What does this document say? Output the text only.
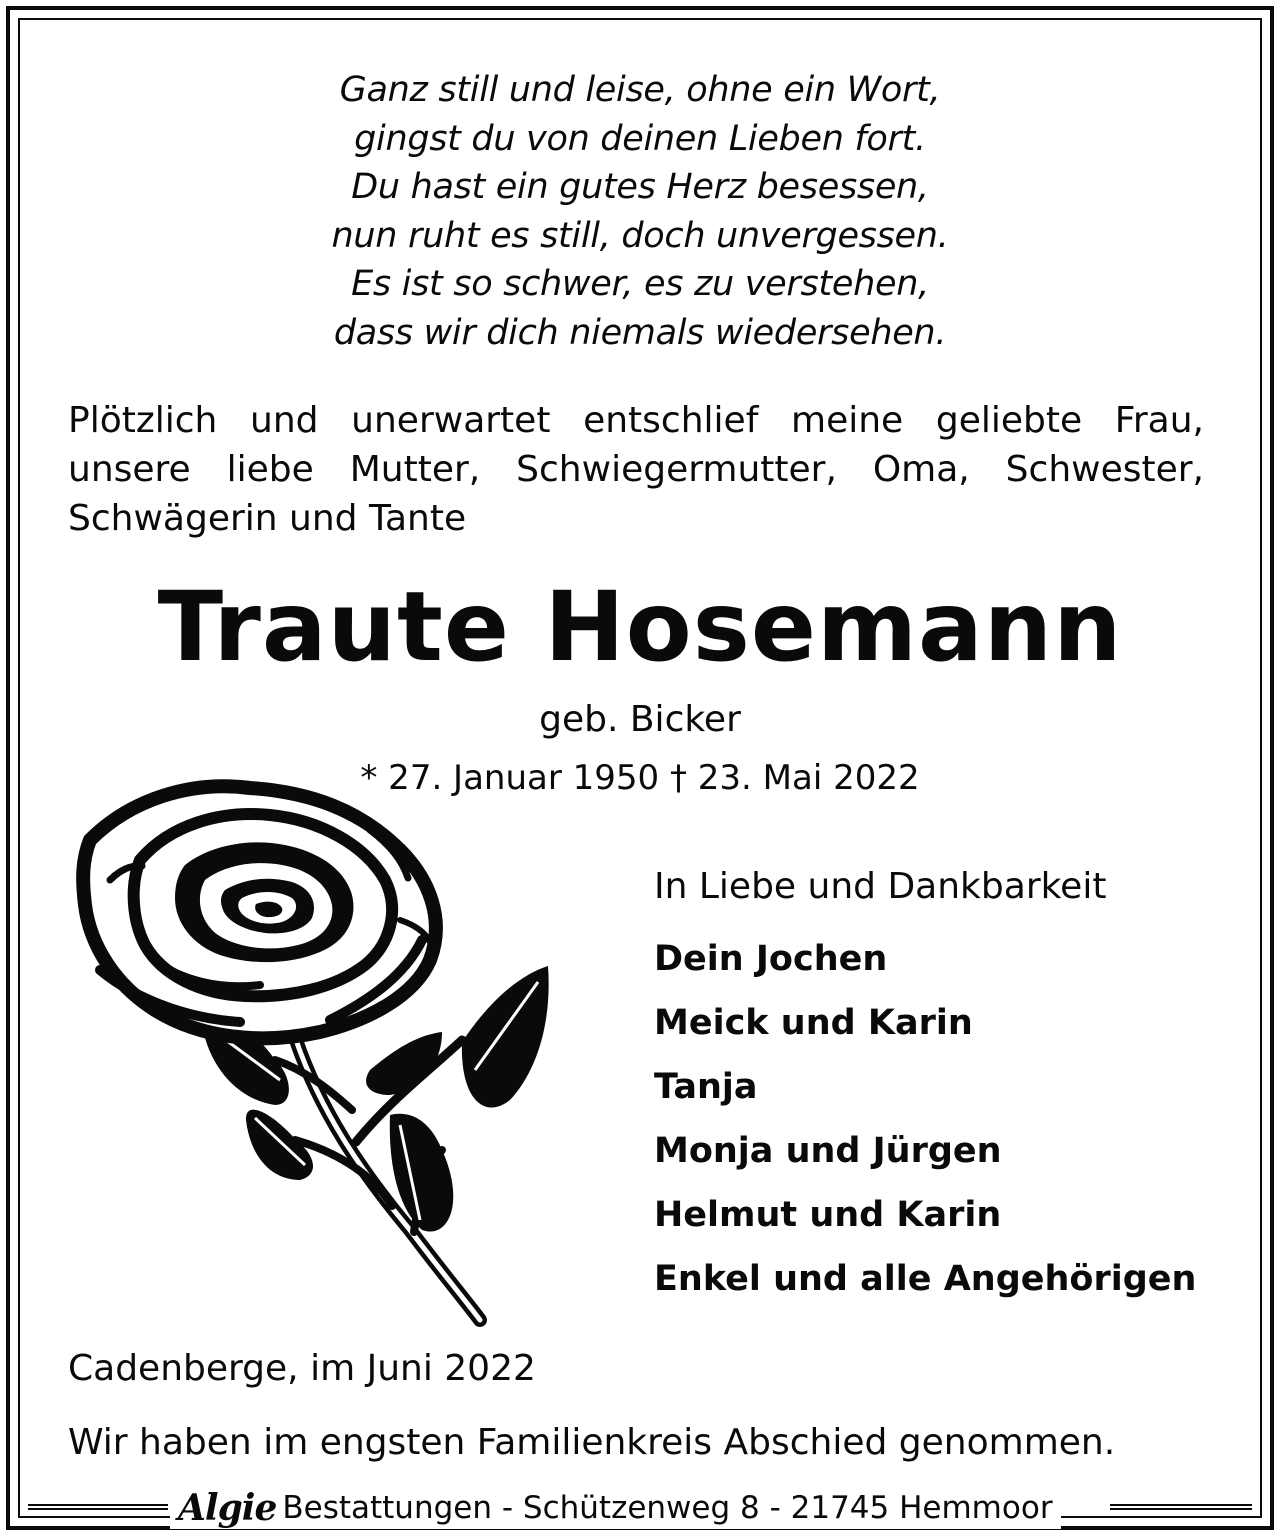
Ganz still und leise, ohne ein Wort,
gingst du von deinen Lieben fort.
Du hast ein gutes Herz besessen,
nun ruht es still, doch unvergessen.
Es ist so schwer, es zu verstehen,
dass wir dich niemals wiedersehen.
Plötzlich und unerwartet entschlief meine geliebte Frau,
unsere liebe Mutter, Schwiegermutter, Oma, Schwester,
Schwägerin und Tante
Traute Hosemann
geb. Bicker
* 27. Januar 1950 † 23. Mai 2022
In Liebe und Dankbarkeit
Dein Jochen
Meick und Karin
Tanja
Monja und Jürgen
Helmut und Karin
Enkel und alle Angehörigen
Cadenberge, im Juni 2022
Wir haben im engsten Familienkreis Abschied genommen.
Algie Bestattungen - Schützenweg 8 - 21745 Hemmoor
